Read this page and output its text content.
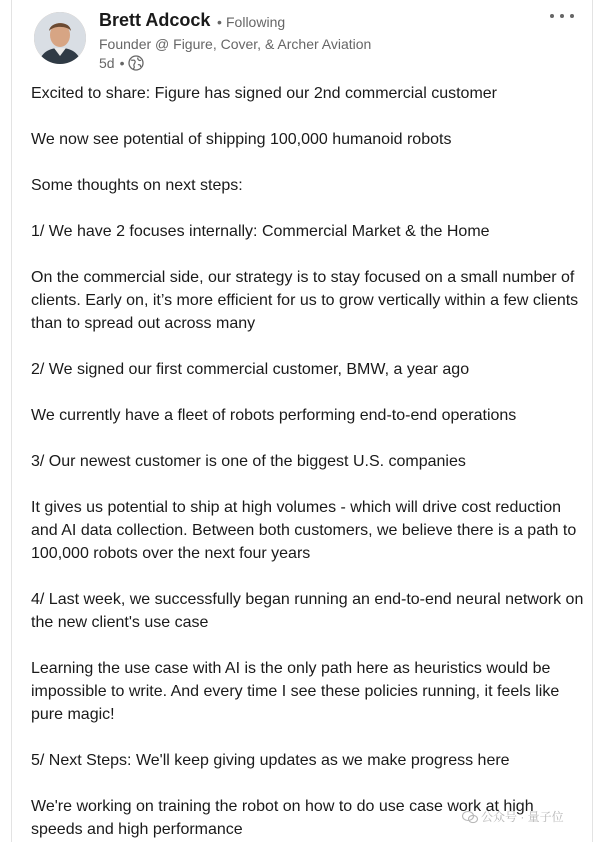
Brett Adcock • Following
Founder @ Figure, Cover, & Archer Aviation
5d •

Excited to share: Figure has signed our 2nd commercial customer

We now see potential of shipping 100,000 humanoid robots

Some thoughts on next steps:

1/ We have 2 focuses internally: Commercial Market & the Home

On the commercial side, our strategy is to stay focused on a small number of clients. Early on, it’s more efficient for us to grow vertically within a few clients than to spread out across many

2/ We signed our first commercial customer, BMW, a year ago

We currently have a fleet of robots performing end-to-end operations

3/ Our newest customer is one of the biggest U.S. companies

It gives us potential to ship at high volumes - which will drive cost reduction and AI data collection. Between both customers, we believe there is a path to 100,000 robots over the next four years

4/ Last week, we successfully began running an end-to-end neural network on the new client's use case

Learning the use case with AI is the only path here as heuristics would be impossible to write. And every time I see these policies running, it feels like pure magic!

5/ Next Steps: We'll keep giving updates as we make progress here

We're working on training the robot on how to do use case work at high speeds and high performance

公众号 · 量子位
